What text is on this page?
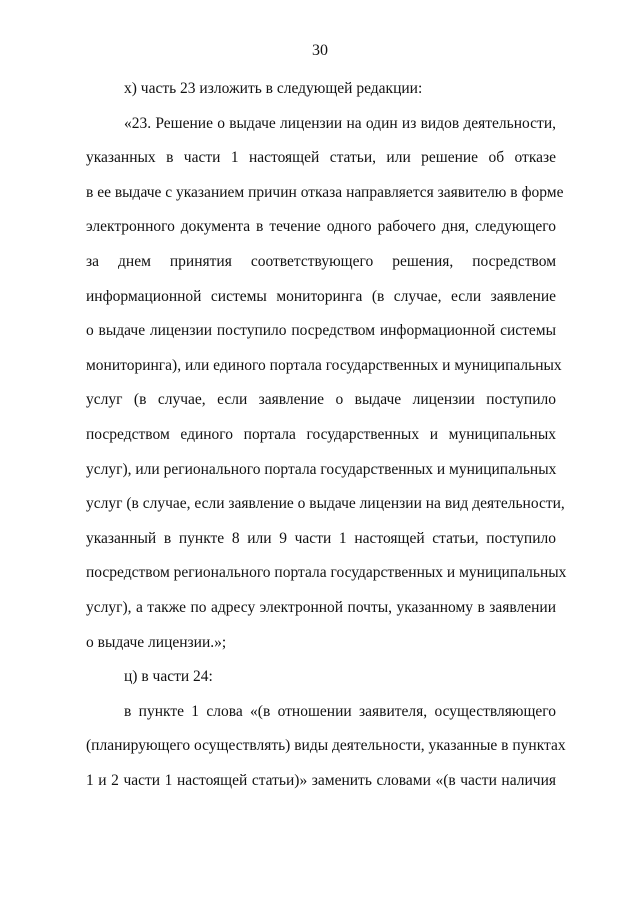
30
х) часть 23 изложить в следующей редакции:
«23. Решение о выдаче лицензии на один из видов деятельности,
указанных в части 1 настоящей статьи, или решение об отказе
в ее выдаче с указанием причин отказа направляется заявителю в форме
электронного документа в течение одного рабочего дня, следующего
за днем принятия соответствующего решения, посредством
информационной системы мониторинга (в случае, если заявление
о выдаче лицензии поступило посредством информационной системы
мониторинга), или единого портала государственных и муниципальных
услуг (в случае, если заявление о выдаче лицензии поступило
посредством единого портала государственных и муниципальных
услуг), или регионального портала государственных и муниципальных
услуг (в случае, если заявление о выдаче лицензии на вид деятельности,
указанный в пункте 8 или 9 части 1 настоящей статьи, поступило
посредством регионального портала государственных и муниципальных
услуг), а также по адресу электронной почты, указанному в заявлении
о выдаче лицензии.»;
ц) в части 24:
в пункте 1 слова «(в отношении заявителя, осуществляющего
(планирующего осуществлять) виды деятельности, указанные в пунктах
1 и 2 части 1 настоящей статьи)» заменить словами «(в части наличия
